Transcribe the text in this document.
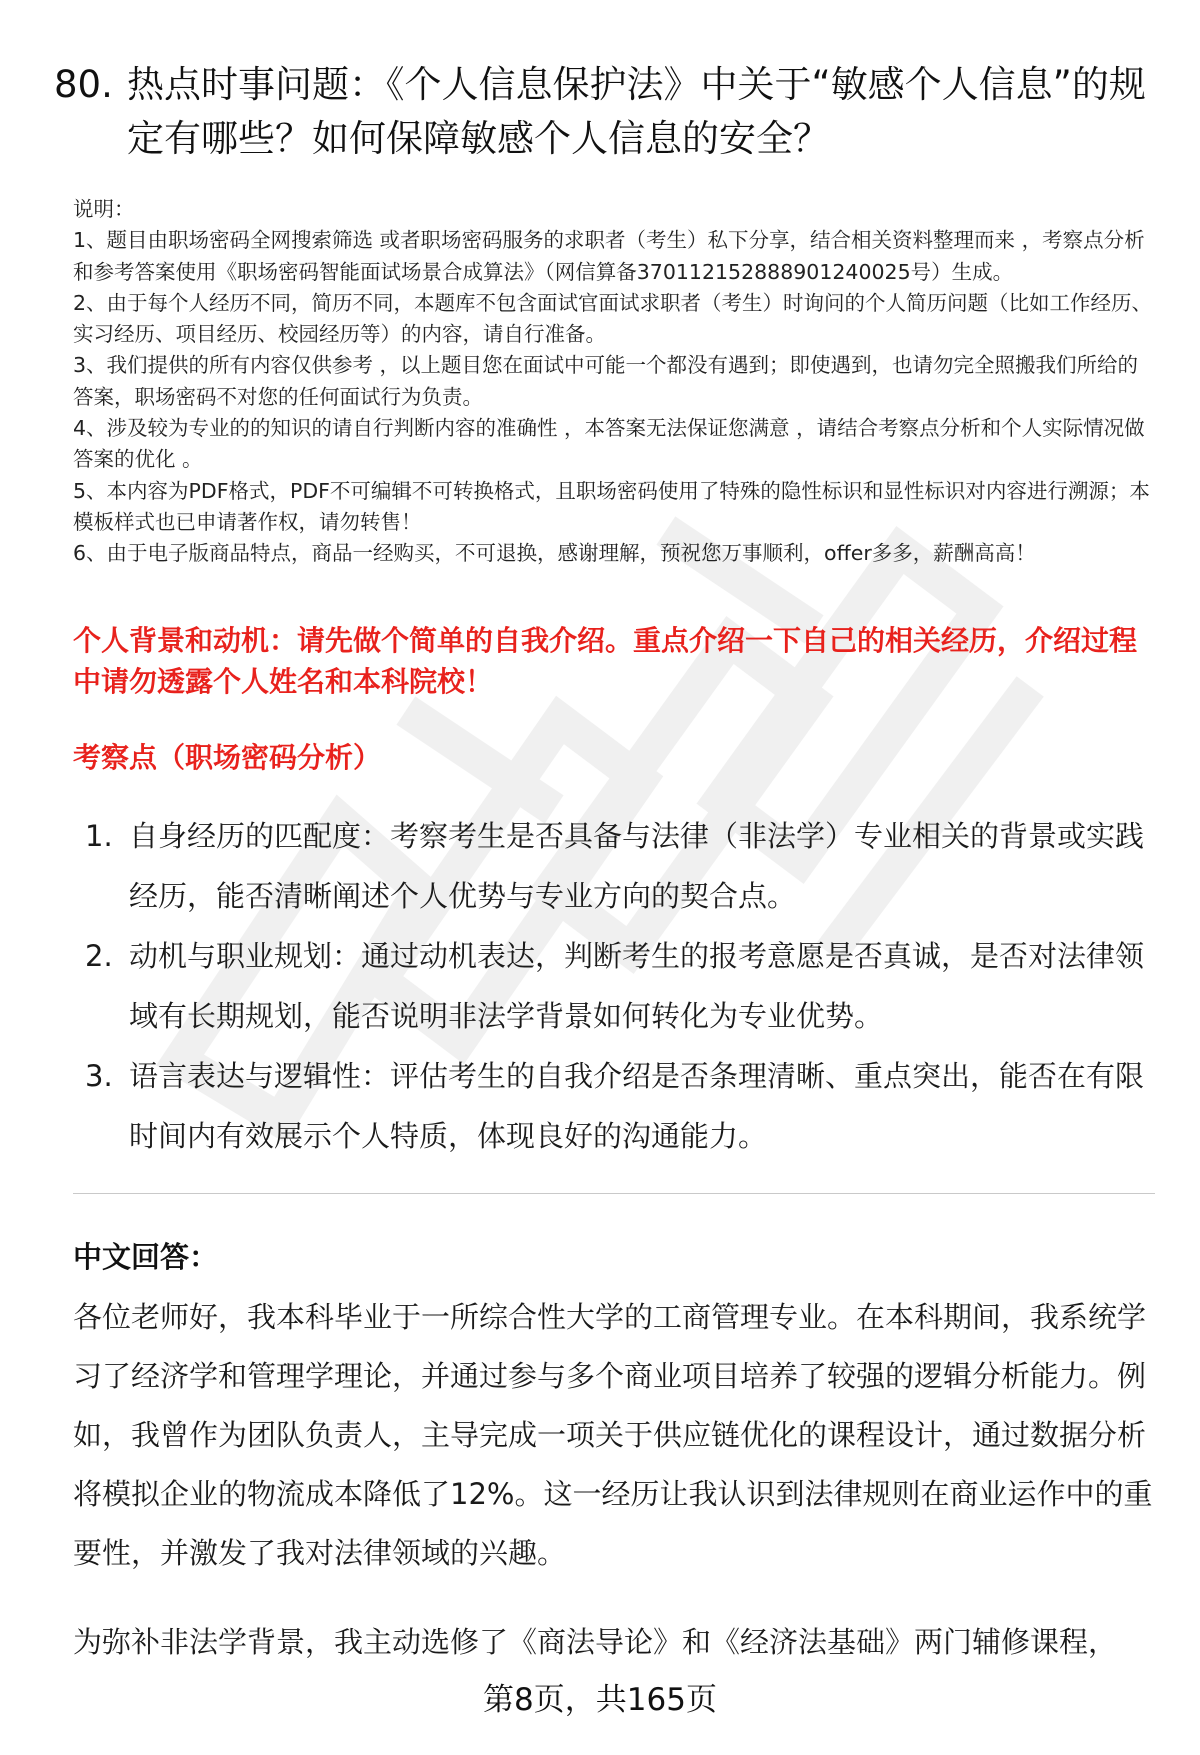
80. 热点时事问题：《个人信息保护法》中关于“敏感个人信息”的规定有哪些？如何保障敏感个人信息的安全？

说明：

1、题目由职场密码全网搜索筛选 或者职场密码服务的求职者（考生）私下分享，结合相关资料整理而来 ，考察点分析和参考答案使用《职场密码智能面试场景合成算法》（网信算备370112152888901240025号）生成。

2、由于每个人经历不同，简历不同，本题库不包含面试官面试求职者（考生）时询问的个人简历问题（比如工作经历、实习经历、项目经历、校园经历等）的内容，请自行准备。

3、我们提供的所有内容仅供参考 ，以上题目您在面试中可能一个都没有遇到；即使遇到，也请勿完全照搬我们所给的答案，职场密码不对您的任何面试行为负责。

4、涉及较为专业的的知识的请自行判断内容的准确性 ，本答案无法保证您满意 ，请结合考察点分析和个人实际情况做答案的优化 。

5、本内容为PDF格式，PDF不可编辑不可转换格式，且职场密码使用了特殊的隐性标识和显性标识对内容进行溯源；本模板样式也已申请著作权，请勿转售！

6、由于电子版商品特点，商品一经购买，不可退换，感谢理解，预祝您万事顺利，offer多多，薪酬高高！

个人背景和动机：请先做个简单的自我介绍。重点介绍一下自己的相关经历，介绍过程中请勿透露个人姓名和本科院校！
考察点（职场密码分析）
1. 自身经历的匹配度：考察考生是否具备与法律（非法学）专业相关的背景或实践经历，能否清晰阐述个人优势与专业方向的契合点。
2. 动机与职业规划：通过动机表达，判断考生的报考意愿是否真诚，是否对法律领域有长期规划，能否说明非法学背景如何转化为专业优势。
3. 语言表达与逻辑性：评估考生的自我介绍是否条理清晰、重点突出，能否在有限时间内有效展示个人特质，体现良好的沟通能力。
中文回答：

各位老师好，我本科毕业于一所综合性大学的工商管理专业。在本科期间，我系统学习了经济学和管理学理论，并通过参与多个商业项目培养了较强的逻辑分析能力。例如，我曾作为团队负责人，主导完成一项关于供应链优化的课程设计，通过数据分析将模拟企业的物流成本降低了12%。这一经历让我认识到法律规则在商业运作中的重要性，并激发了我对法律领域的兴趣。

为弥补非法学背景，我主动选修了《商法导论》和《经济法基础》两门辅修课程，

第8页，共165页
